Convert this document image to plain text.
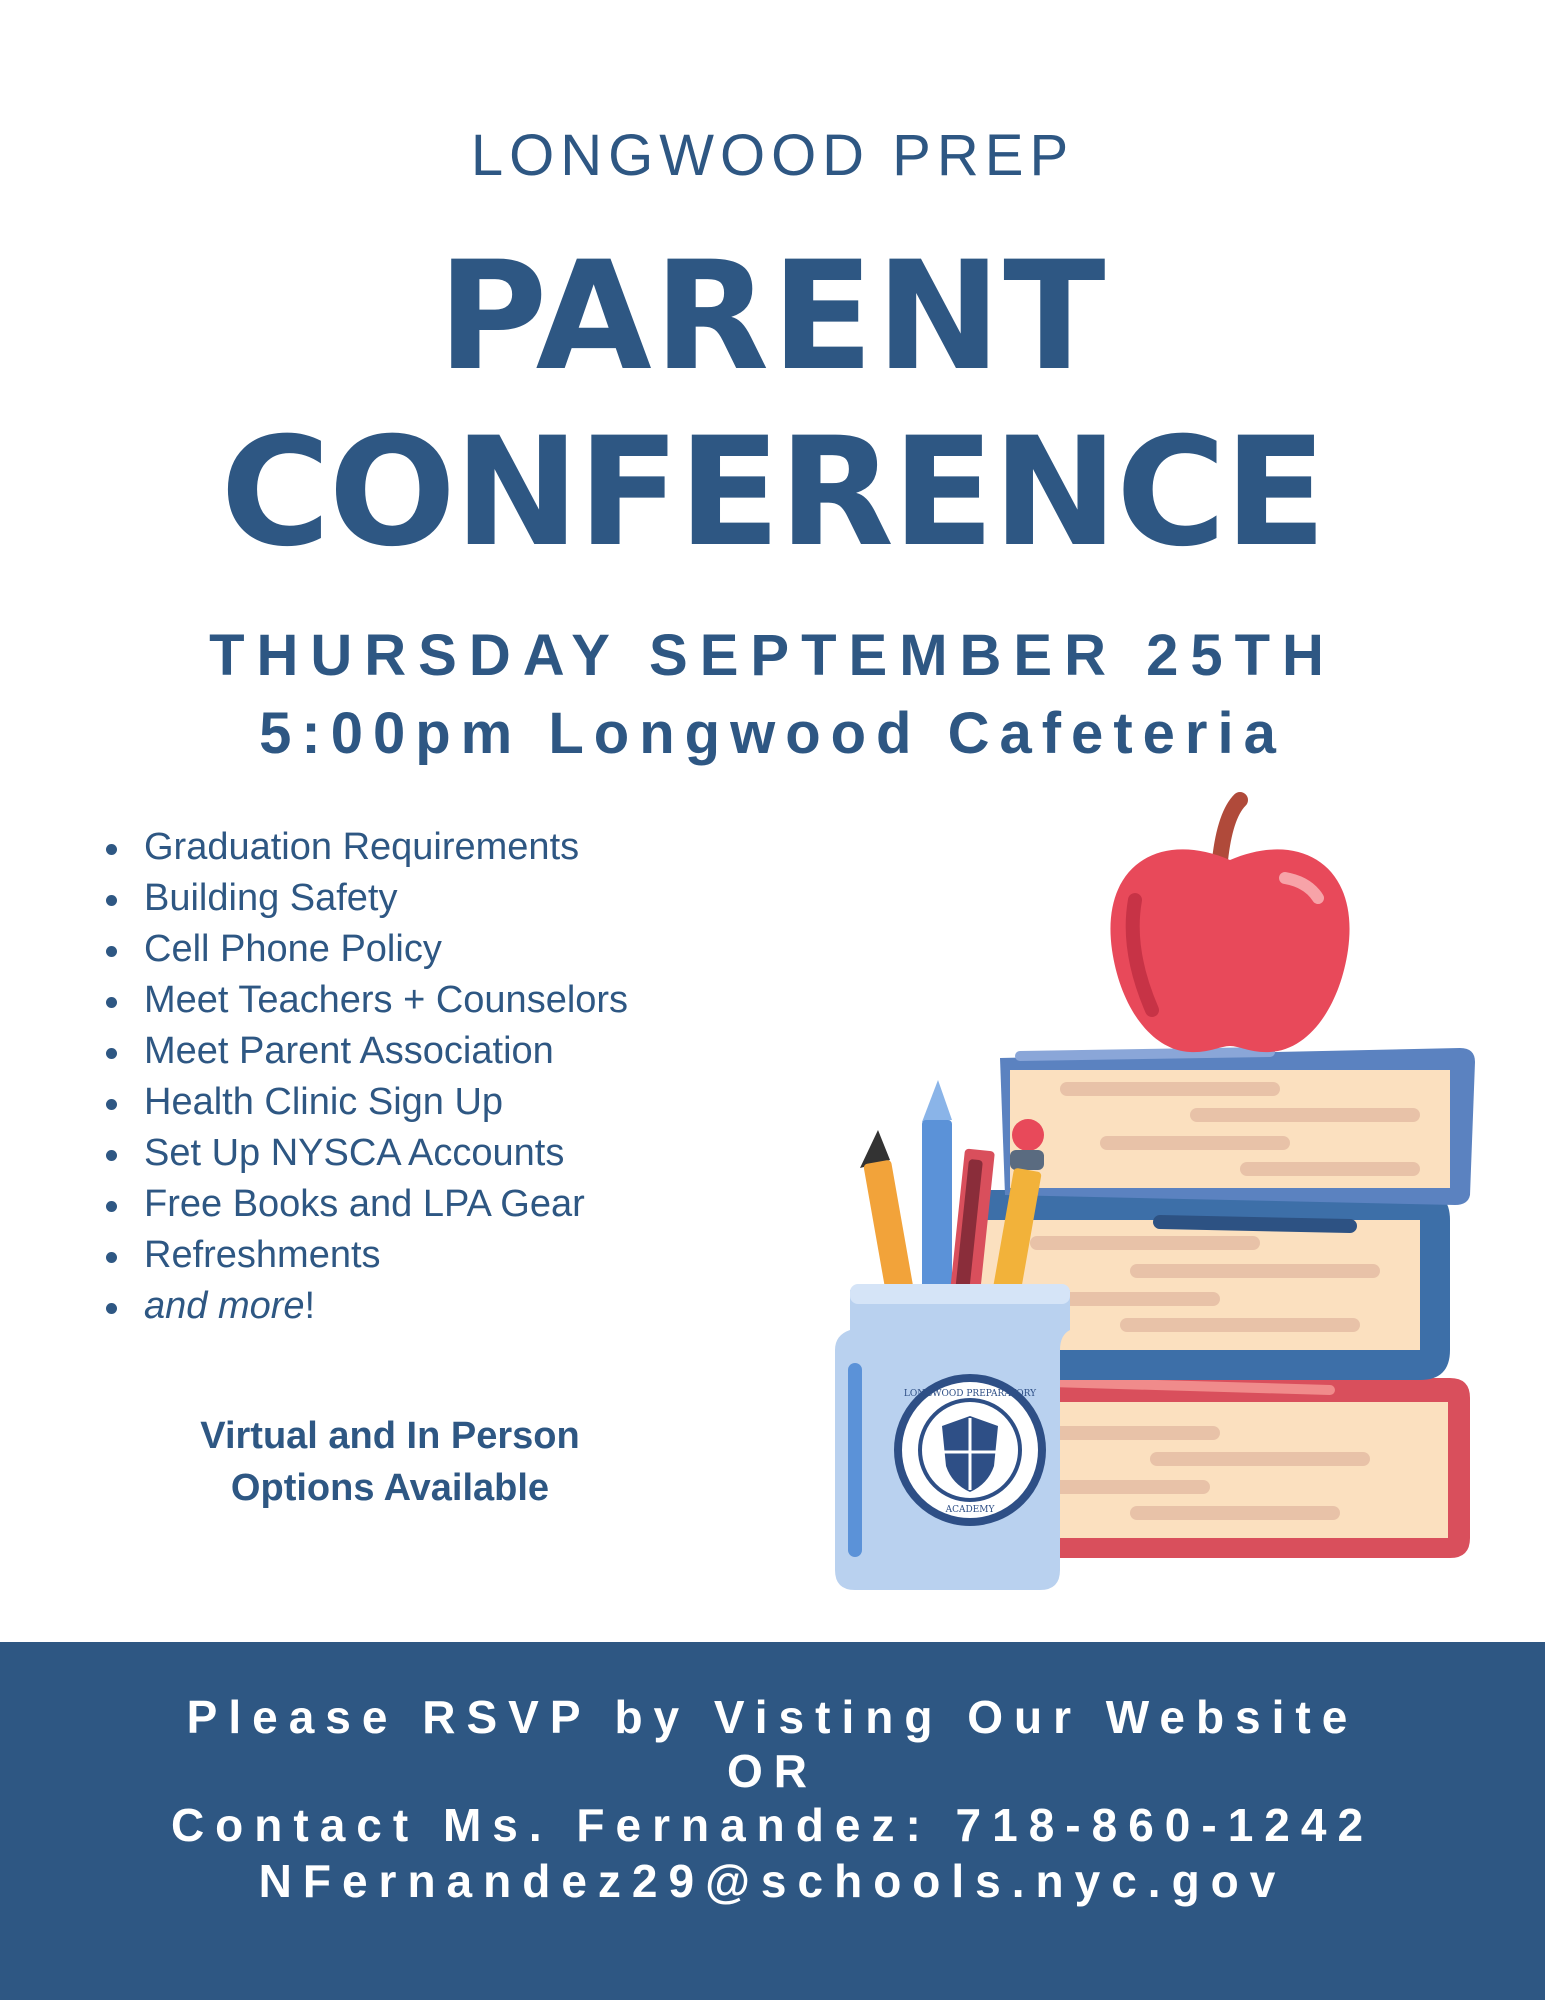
LONGWOOD PREP
PARENT
CONFERENCE
THURSDAY SEPTEMBER 25TH
5:00pm Longwood Cafeteria
Graduation Requirements
Building Safety
Cell Phone Policy
Meet Teachers + Counselors
Meet Parent Association
Health Clinic Sign Up
Set Up NYSCA Accounts
Free Books and LPA Gear
Refreshments
and more!
Virtual and In Person
Options Available
LONGWOOD PREPARATORY
ACADEMY
Please RSVP by Visting Our Website
OR
Contact Ms. Fernandez: 718-860-1242
NFernandez29@schools.nyc.gov
